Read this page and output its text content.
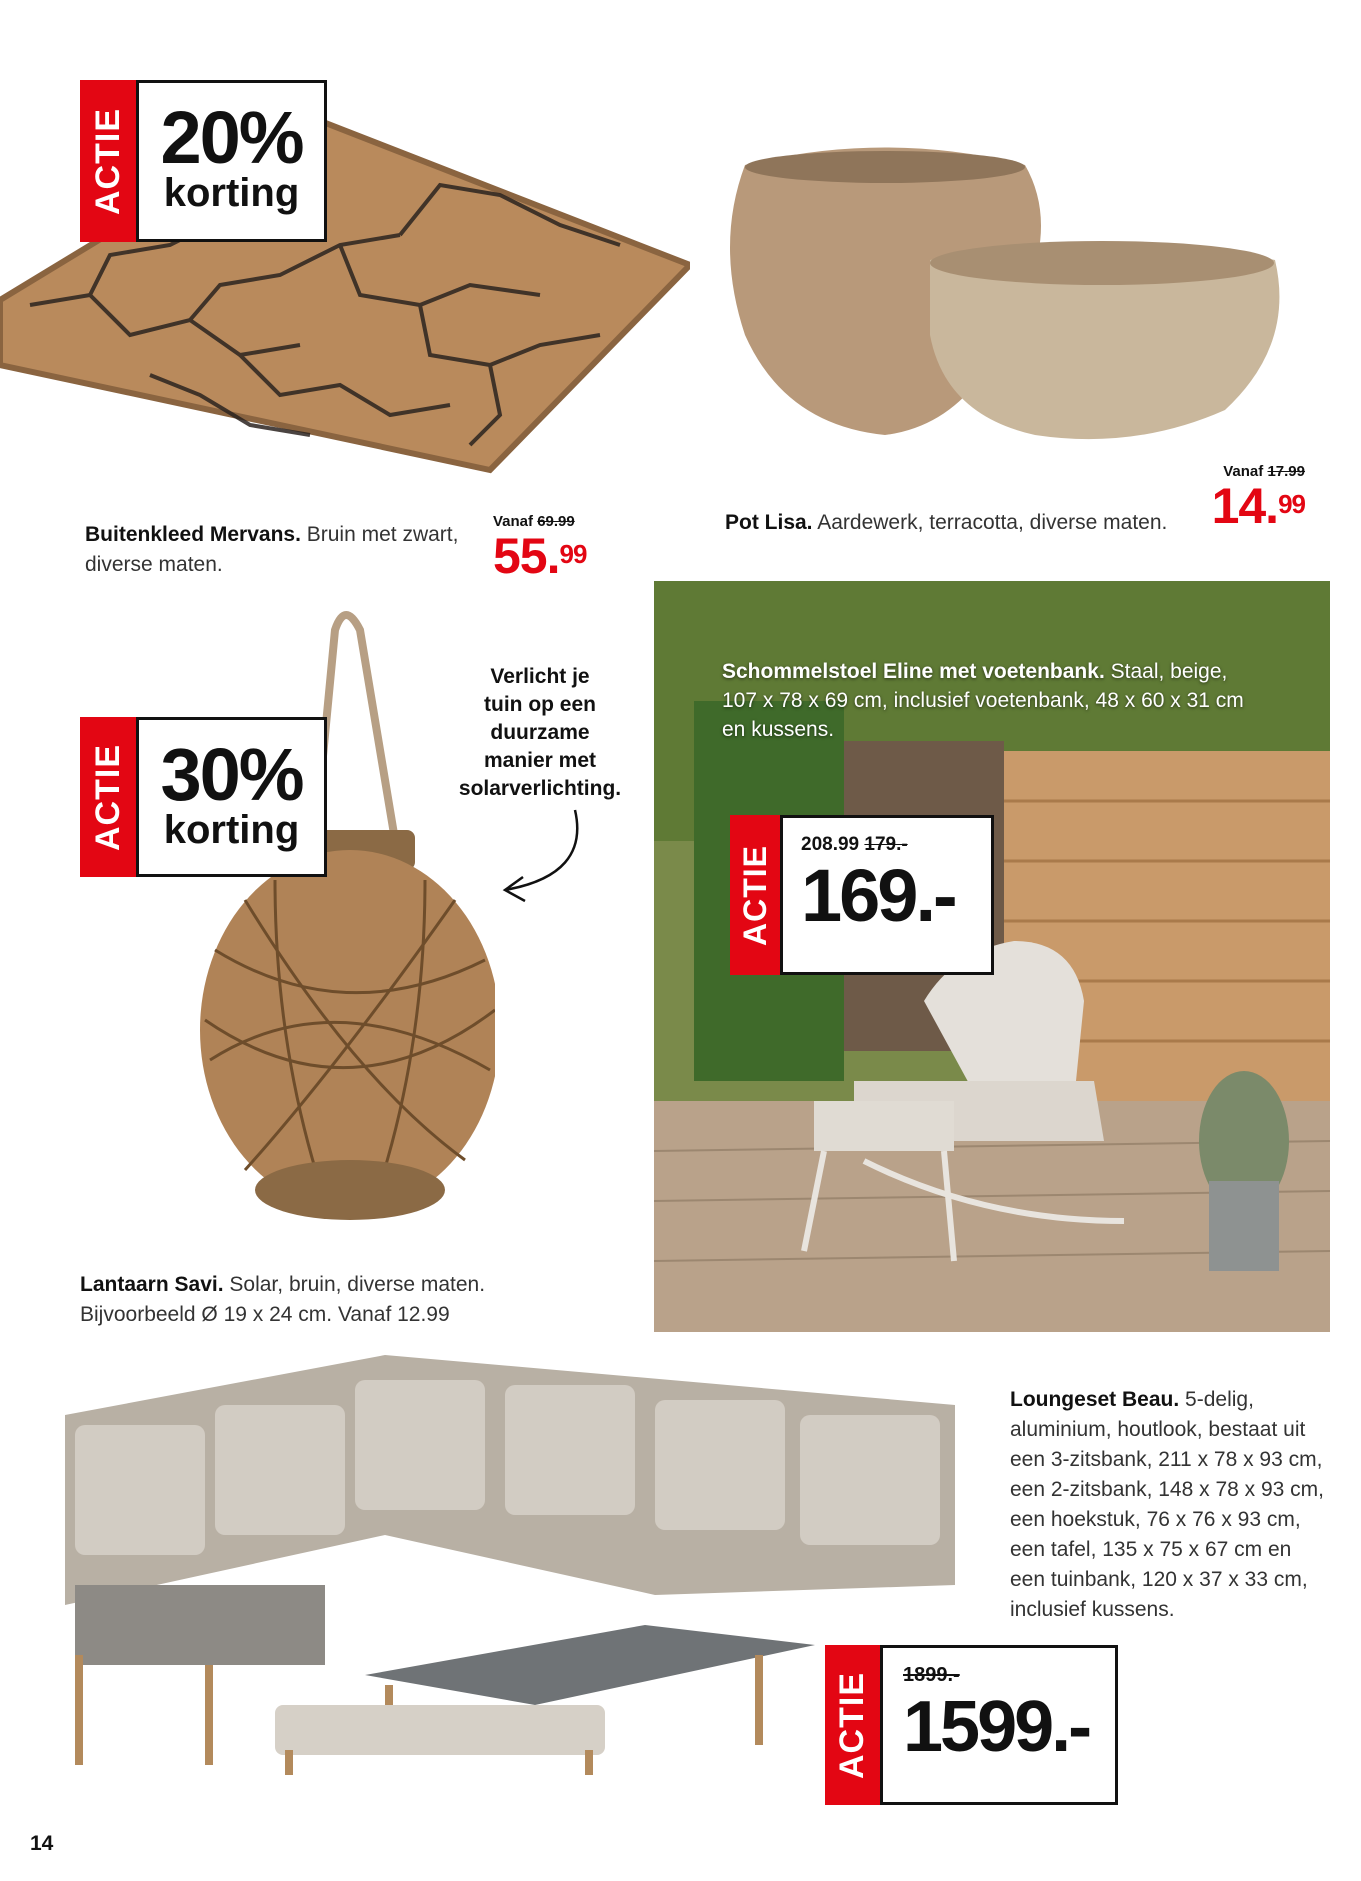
ACTIE 20%
korting
Buitenkleed Mervans. Bruin met zwart,
diverse maten.
Vanaf 69.99
55.99
Vanaf 17.99
14.99
Pot Lisa. Aardewerk, terracotta, diverse maten.
ACTIE 30%
korting
Verlicht je
tuin op een
duurzame
manier met
solarverlichting.
Lantaarn Savi. Solar, bruin, diverse maten.
Bijvoorbeeld Ø 19 x 24 cm. Vanaf 12.99
Schommelstoel Eline met voetenbank. Staal, beige,
107 x 78 x 69 cm, inclusief voetenbank, 48 x 60 x 31 cm
en kussens.
ACTIE 208.99 179.-
169.-
Loungeset Beau. 5-delig,
aluminium, houtlook, bestaat uit
een 3-zitsbank, 211 x 78 x 93 cm,
een 2-zitsbank, 148 x 78 x 93 cm,
een hoekstuk, 76 x 76 x 93 cm,
een tafel, 135 x 75 x 67 cm en
een tuinbank, 120 x 37 x 33 cm,
inclusief kussens.
ACTIE 1899.-
1599.-
14
